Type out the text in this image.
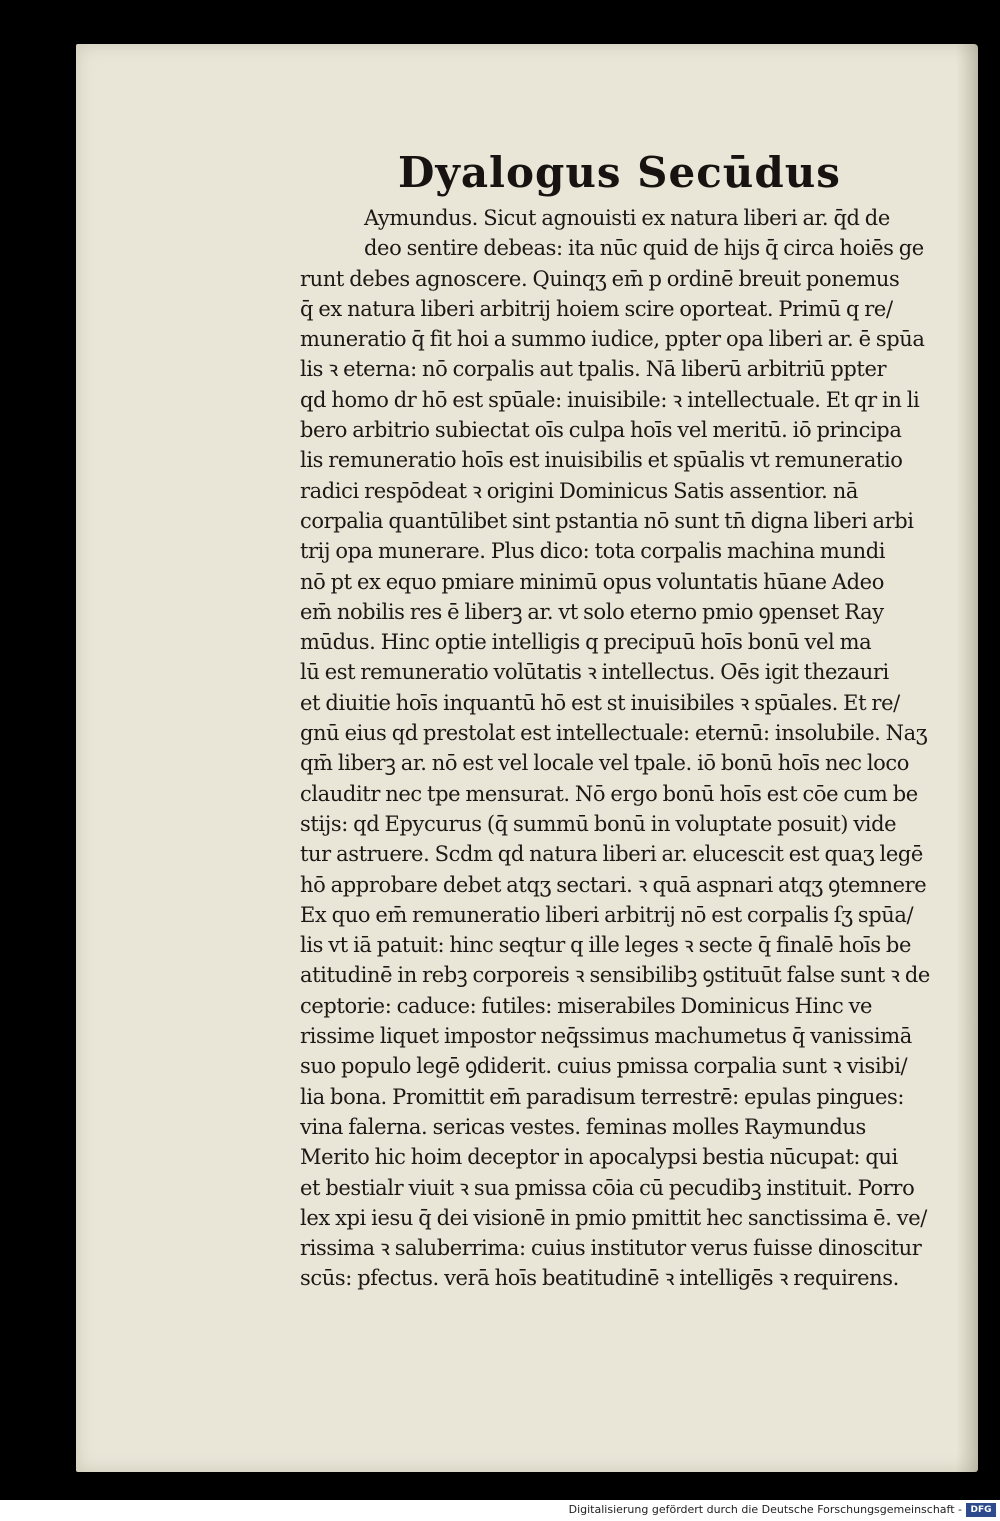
Dyalogus Secūdus
Aymundus. Sicut agnouisti ex natura liberi ar. q̄d de
deo sentire debeas: ita nūc quid de hijs q̄ circa hoiēs ge
runt debes agnoscere. Quinqʒ em̄ p ordinē breuit ponemus
q̄ ex natura liberi arbitrij hoiem scire oporteat. Primū q re/
muneratio q̄ fit hoi a summo iudice, ppter opa liberi ar. ē spūa
lis ꝛ eterna: nō corpalis aut tpalis. Nā liberū arbitriū ppter
qd homo dr hō est spūale: inuisibile: ꝛ intellectuale. Et qr in li
bero arbitrio subiectat oīs culpa hoīs vel meritū. iō principa
lis remuneratio hoīs est inuisibilis et spūalis vt remuneratio
radici respōdeat ꝛ origini Dominicus Satis assentior. nā
corpalia quantūlibet sint pstantia nō sunt tn̄ digna liberi arbi
trij opa munerare. Plus dico: tota corpalis machina mundi
nō pt ex equo pmiare minimū opus voluntatis hūane Adeo
em̄ nobilis res ē liberꝫ ar. vt solo eterno pmio ꝯpenset Ray
mūdus. Hinc optie intelligis q precipuū hoīs bonū vel ma
lū est remuneratio volūtatis ꝛ intellectus. Oēs igit thezauri
et diuitie hoīs inquantū hō est st inuisibiles ꝛ spūales. Et re/
gnū eius qd prestolat est intellectuale: eternū: insolubile. Naʒ
qm̄ liberꝫ ar. nō est vel locale vel tpale. iō bonū hoīs nec loco
clauditr nec tpe mensurat. Nō ergo bonū hoīs est cōe cum be
stijs: qd Epycurus (q̄ summū bonū in voluptate posuit) vide
tur astruere. Scdm qd natura liberi ar. elucescit est quaʒ legē
hō approbare debet atqʒ sectari. ꝛ quā aspnari atqʒ ꝯtemnere
Ex quo em̄ remuneratio liberi arbitrij nō est corpalis ſʒ spūa/
lis vt iā patuit: hinc seqtur q ille leges ꝛ secte q̄ finalē hoīs be
atitudinē in rebꝫ corporeis ꝛ sensibilibꝫ ꝯstituūt false sunt ꝛ de
ceptorie: caduce: futiles: miserabiles Dominicus Hinc ve
rissime liquet impostor neq̄ssimus machumetus q̄ vanissimā
suo populo legē ꝯdiderit. cuius pmissa corpalia sunt ꝛ visibi/
lia bona. Promittit em̄ paradisum terrestrē: epulas pingues:
vina falerna. sericas vestes. feminas molles Raymundus
Merito hic hoim deceptor in apocalypsi bestia nūcupat: qui
et bestialr viuit ꝛ sua pmissa cōia cū pecudibꝫ instituit. Porro
lex xpi iesu q̄ dei visionē in pmio pmittit hec sanctissima ē. ve/
rissima ꝛ saluberrima: cuius institutor verus fuisse dinoscitur
scūs: pfectus. verā hoīs beatitudinē ꝛ intelligēs ꝛ requirens.
Digitalisierung gefördert durch die Deutsche Forschungsgemeinschaft - DFG
